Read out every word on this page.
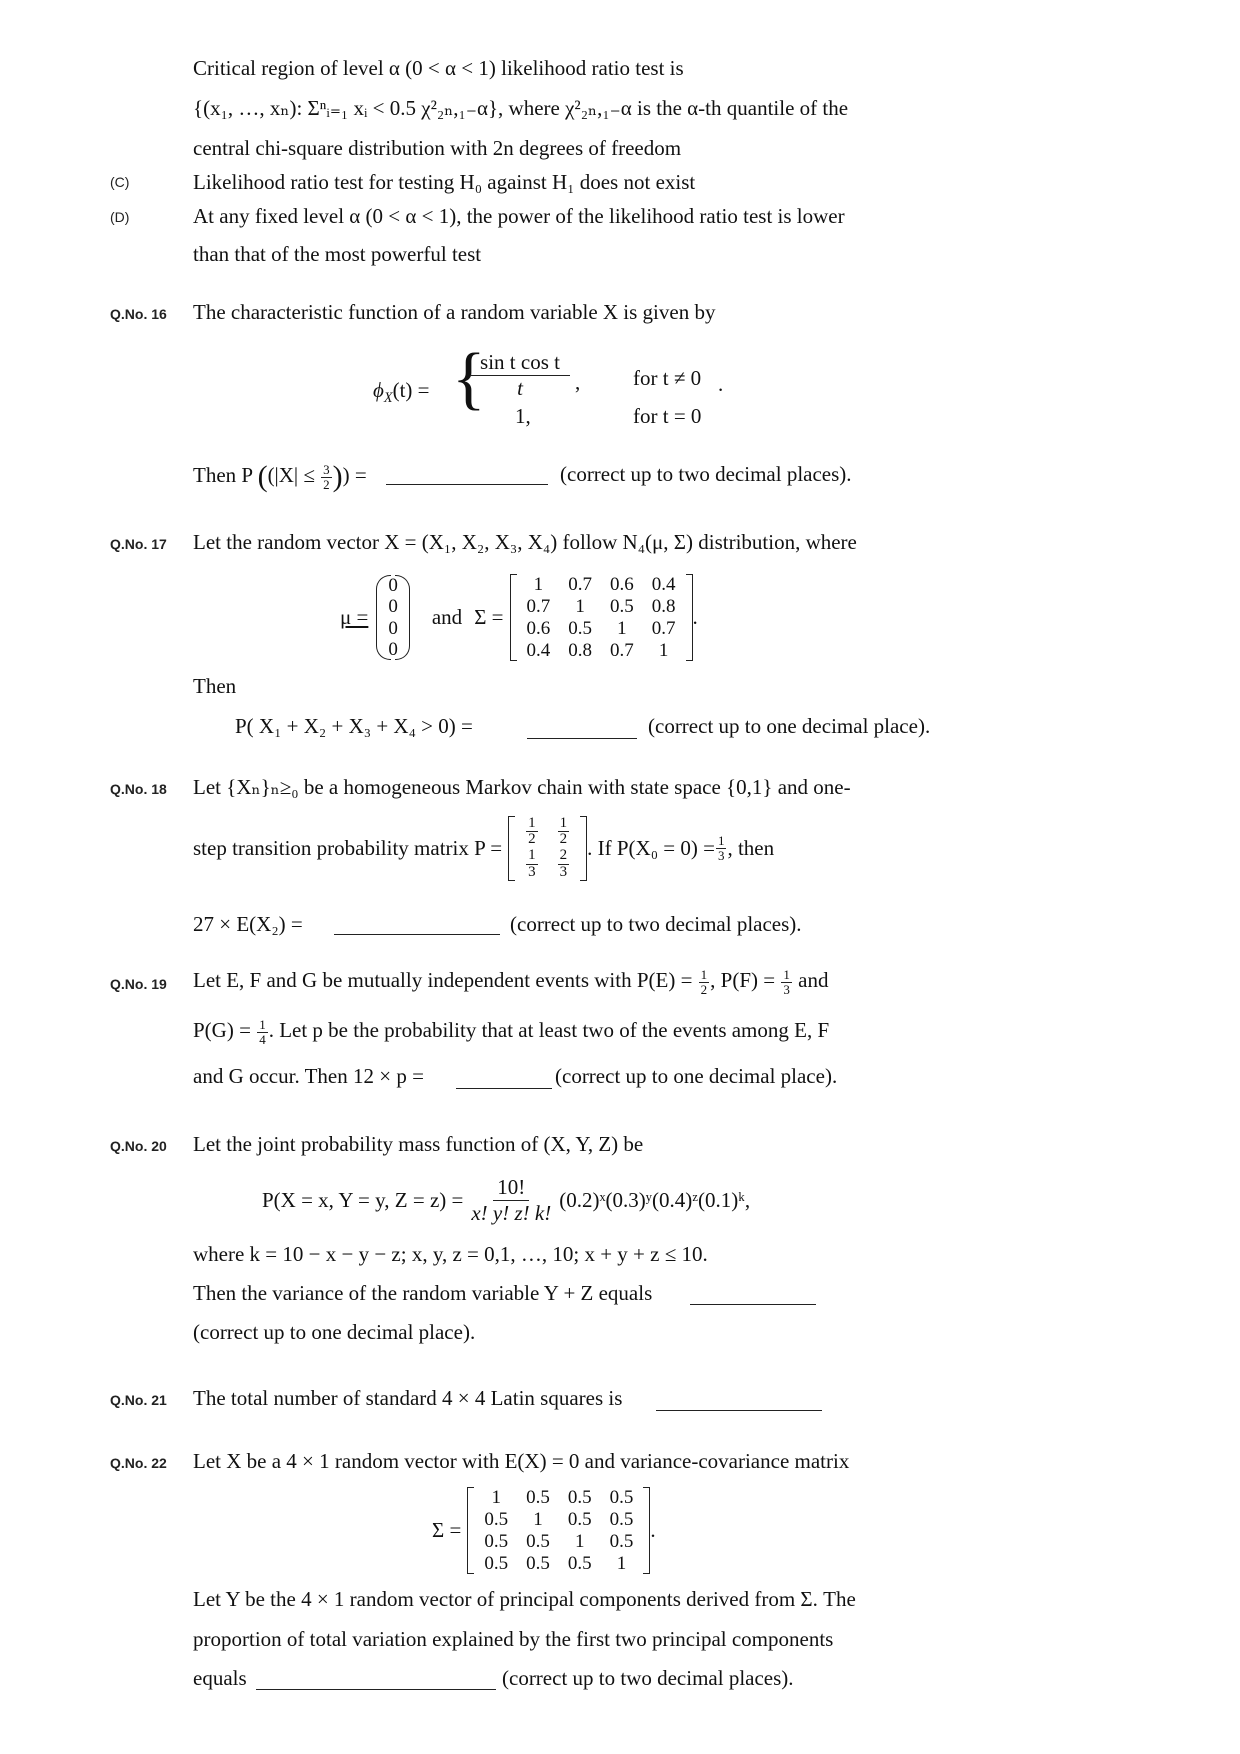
Critical region of level α (0 < α < 1) likelihood ratio test is
{(x₁, …, xₙ): Σⁿᵢ₌₁ xᵢ < 0.5 χ²₂ₙ,₁₋α}, where χ²₂ₙ,₁₋α is the α-th quantile of the
central chi-square distribution with 2n degrees of freedom
(C)	Likelihood ratio test for testing H₀ against H₁ does not exist
(D)	At any fixed level α (0 < α < 1), the power of the likelihood ratio test is lower
than that of the most powerful test
Q.No. 16 The characteristic function of a random variable X is given by
$\phi_X(t)$ = {
$\frac{\text{sin t cos t}}{t}$ ,	for t ≠ 0 .
1,	for t = 0
Then P (($|X| \le \frac{3}{2}$ )) =	(correct up to two decimal places).
Q.No. 17 Let the random vector X = (X₁, X₂, X₃, X₄) follow N₄(μ, Σ) distribution, where
μ =
0
0
0
0
and Σ =
1	0.7	0.6	0.4
0.7	1	0.5	0.8
0.6	0.5	1	0.7
0.4	0.8	0.7	1
.
Then
P( X₁ + X₂ + X₃ + X₄ > 0) =	(correct up to one decimal place).
Q.No. 18 Let {Xₙ}ₙ≥₀ be a homogeneous Markov chain with state space {0,1} and one-
step transition probability matrix $P = \frac{1}{2}$	$\frac{1}{2}$

$\frac{1}{3}$	$\frac{2}{3}$
. If $P(X_0 = 0) = \frac{1}{3}$ , then
27 × E(X₂) =	(correct up to two decimal places).
Q.No. 19 Let E, F and G be mutually independent events with $P(E) = \frac{1}{2}$ , $P(F) = \frac{1}{3}$ and
$P(G) = \frac{1}{4}$ . Let p be the probability that at least two of the events among E, F
and G occur. Then 12 × p =	(correct up to one decimal place).
Q.No. 20 Let the joint probability mass function of (X, Y, Z) be
P(X = x, Y = y, $Z = z) = \frac{10!}{x! y! z! k!}$ (0.2)ˣ(0.3)ʸ(0.4)ᶻ(0.1)ᵏ,
where k = 10 − x − y − z; x, y, z = 0,1, …, 10; x + y + z ≤ 10.
Then the variance of the random variable Y + Z equals
(correct up to one decimal place).
Q.No. 21 The total number of standard 4 × 4 Latin squares is
Q.No. 22 Let X be a 4 × 1 random vector with E(X) = 0 and variance-covariance matrix
Σ =
1	0.5	0.5	0.5
0.5	1	0.5	0.5
0.5	0.5	1	0.5
0.5	0.5	0.5	1
.
Let Y be the 4 × 1 random vector of principal components derived from Σ. The
proportion of total variation explained by the first two principal components
equals	(correct up to two decimal places).
